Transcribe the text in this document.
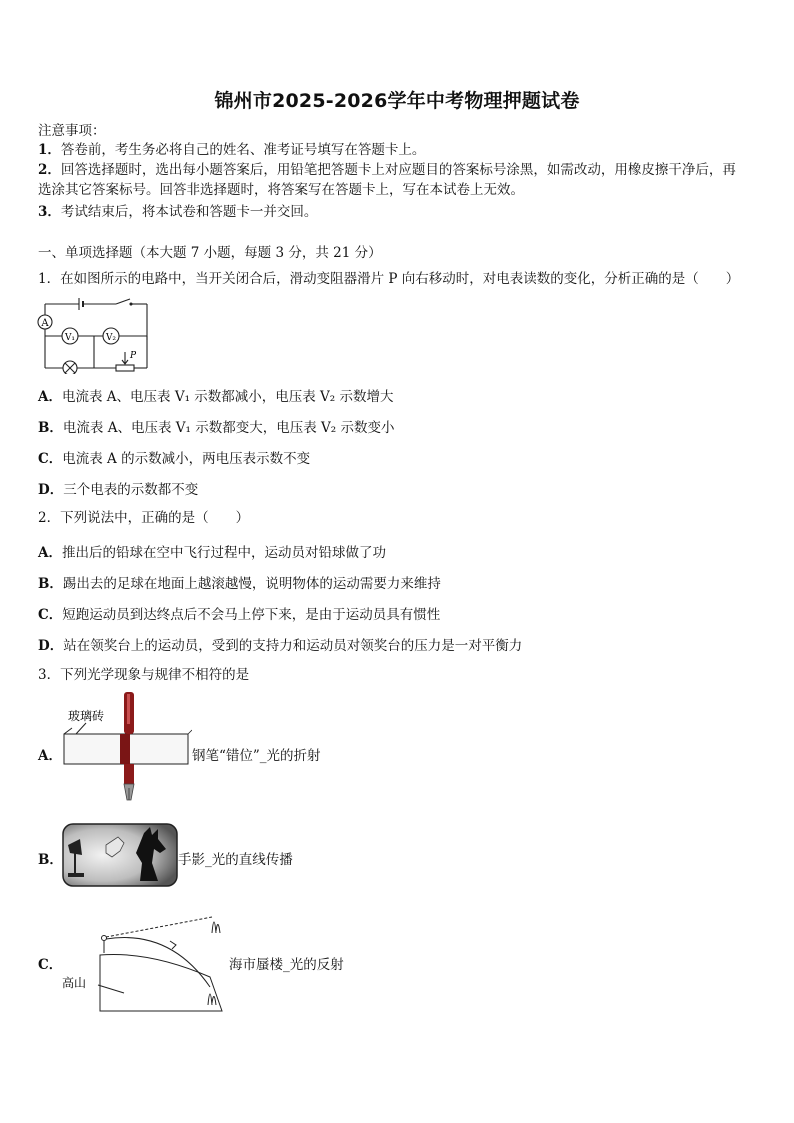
锦州市2025-2026学年中考物理押题试卷
注意事项：
1．答卷前，考生务必将自己的姓名、准考证号填写在答题卡上。
2．回答选择题时，选出每小题答案后，用铅笔把答题卡上对应题目的答案标号涂黑，如需改动，用橡皮擦干净后，再
选涂其它答案标号。回答非选择题时，将答案写在答题卡上，写在本试卷上无效。
3．考试结束后，将本试卷和答题卡一并交回。
一、单项选择题（本大题 7 小题，每题 3 分，共 21 分）
1．在如图所示的电路中，当开关闭合后，滑动变阻器滑片 P 向右移动时，对电表读数的变化，分析正确的是（　　）
A
V₁	V₂
P
A．电流表 A、电压表 V₁ 示数都减小，电压表 V₂ 示数增大
B．电流表 A、电压表 V₁ 示数都变大，电压表 V₂ 示数变小
C．电流表 A 的示数减小，两电压表示数不变
D．三个电表的示数都不变
2．下列说法中，正确的是（　　）
A．推出后的铅球在空中飞行过程中，运动员对铅球做了功
B．踢出去的足球在地面上越滚越慢，说明物体的运动需要力来维持
C．短跑运动员到达终点后不会马上停下来，是由于运动员具有惯性
D．站在领奖台上的运动员，受到的支持力和运动员对领奖台的压力是一对平衡力
3．下列光学现象与规律不相符的是
A．
玻璃砖
钢笔“错位”_光的折射
B．	手影_光的直线传播
C．
高山
海市蜃楼_光的反射
